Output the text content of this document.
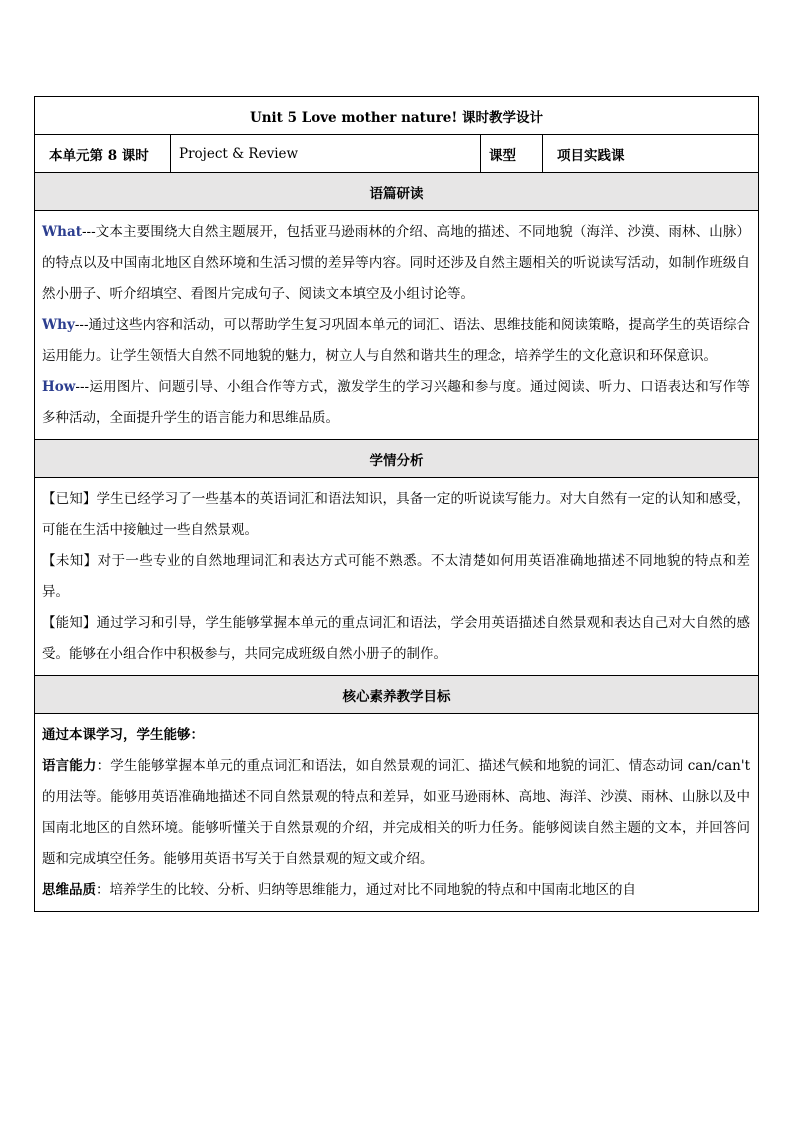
Unit 5 Love mother nature! 课时教学设计
本单元第 8 课时	Project & Review	课型	项目实践课
语篇研读

What---文本主要围绕大自然主题展开，包括亚马逊雨林的介绍、高地的描述、不同地貌（海洋、沙漠、雨林、山脉）的特点以及中国南北地区自然环境和生活习惯的差异等内容。同时还涉及自然主题相关的听说读写活动，如制作班级自然小册子、听介绍填空、看图片完成句子、阅读文本填空及小组讨论等。

Why---通过这些内容和活动，可以帮助学生复习巩固本单元的词汇、语法、思维技能和阅读策略，提高学生的英语综合运用能力。让学生领悟大自然不同地貌的魅力，树立人与自然和谐共生的理念，培养学生的文化意识和环保意识。

How---运用图片、问题引导、小组合作等方式，激发学生的学习兴趣和参与度。通过阅读、听力、口语表达和写作等多种活动，全面提升学生的语言能力和思维品质。

学情分析

【已知】学生已经学习了一些基本的英语词汇和语法知识，具备一定的听说读写能力。对大自然有一定的认知和感受，可能在生活中接触过一些自然景观。

【未知】对于一些专业的自然地理词汇和表达方式可能不熟悉。不太清楚如何用英语准确地描述不同地貌的特点和差异。

【能知】通过学习和引导，学生能够掌握本单元的重点词汇和语法，学会用英语描述自然景观和表达自己对大自然的感受。能够在小组合作中积极参与，共同完成班级自然小册子的制作。

核心素养教学目标

通过本课学习，学生能够：

语言能力：学生能够掌握本单元的重点词汇和语法，如自然景观的词汇、描述气候和地貌的词汇、情态动词 can/can't 的用法等。能够用英语准确地描述不同自然景观的特点和差异，如亚马逊雨林、高地、海洋、沙漠、雨林、山脉以及中国南北地区的自然环境。能够听懂关于自然景观的介绍，并完成相关的听力任务。能够阅读自然主题的文本，并回答问题和完成填空任务。能够用英语书写关于自然景观的短文或介绍。

思维品质：培养学生的比较、分析、归纳等思维能力，通过对比不同地貌的特点和中国南北地区的自
